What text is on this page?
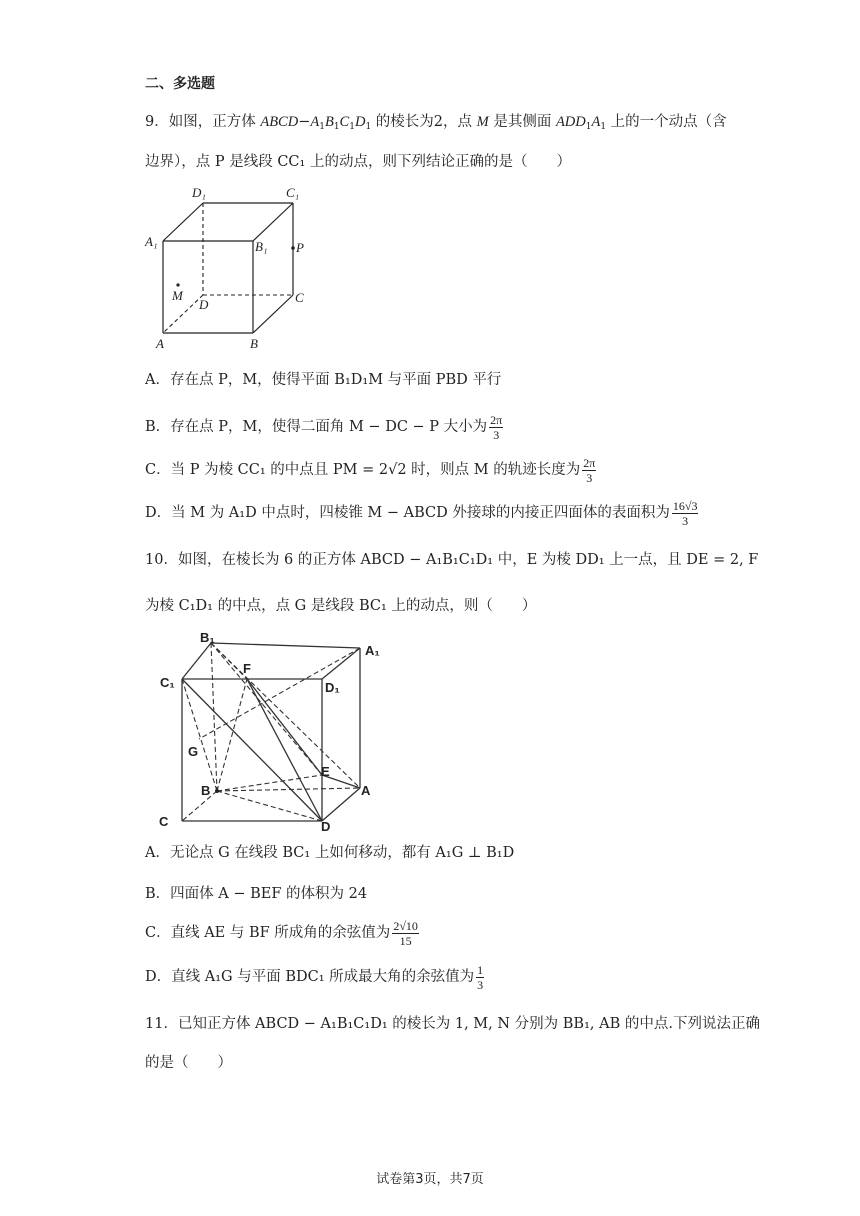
二、多选题
9．如图，正方体 $ABCD-A_1B_1C_1D_1$ 的棱长为2，点 M 是其侧面 $ADD_1A_1$ 上的一个动点（含
边界），点 P 是线段 CC₁ 上的动点，则下列结论正确的是（　　）
D₁	C₁
A₁	B₁ P
M
D	C
A	B
A．存在点 P，M，使得平面 B₁D₁M 与平面 PBD 平行
B．存在点 P，M，使得二面角 M − DC − P 大小为 $\frac{2\pi}{3}$
C．当 P 为棱 CC₁ 的中点且 PM = 2√2 时，则点 M 的轨迹长度为 $\frac{2\pi}{3}$
D．当 M 为 A₁D 中点时，四棱锥 M − ABCD 外接球的内接正四面体的表面积为 $\frac{16√3}{3}$
10．如图，在棱长为 6 的正方体 ABCD − A₁B₁C₁D₁ 中，E 为棱 DD₁ 上一点，且 DE = 2, F
为棱 C₁D₁ 的中点，点 G 是线段 BC₁ 上的动点，则（　　）
B₁
A₁
C₁
F
D₁
G
E
B	A
C	D
A．无论点 G 在线段 BC₁ 上如何移动，都有 A₁G ⊥ B₁D
B．四面体 A − BEF 的体积为 24
C．直线 AE 与 BF 所成角的余弦值为 $\frac{2√10}{15}$
D．直线 A₁G 与平面 BDC₁ 所成最大角的余弦值为 $\frac{1}{3}$
11．已知正方体 ABCD − A₁B₁C₁D₁ 的棱长为 1, M, N 分别为 BB₁, AB 的中点.下列说法正确
的是（　　）
试卷第3页，共7页
